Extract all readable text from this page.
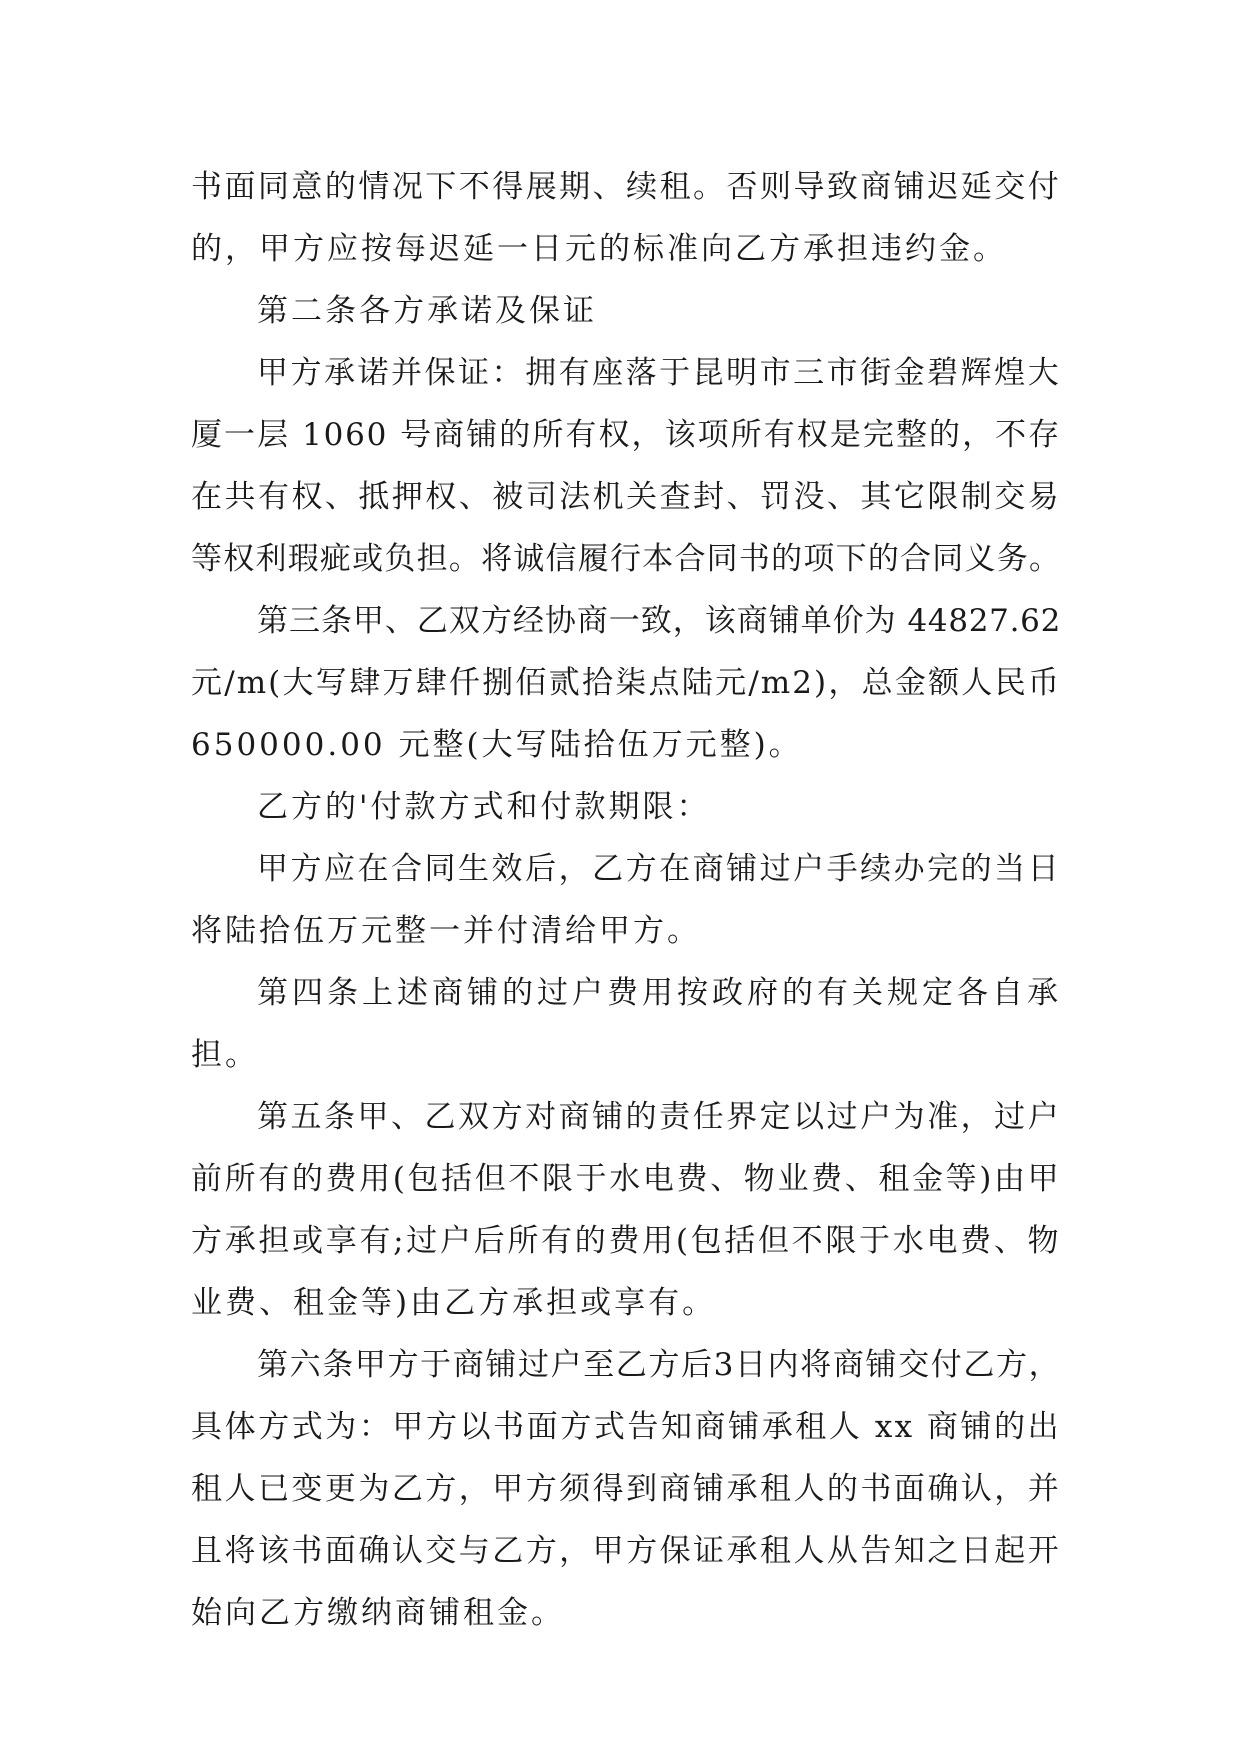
书面同意的情况下不得展期、续租。否则导致商铺迟延交付
的，甲方应按每迟延一日元的标准向乙方承担违约金。
第二条各方承诺及保证
甲方承诺并保证：拥有座落于昆明市三市街金碧辉煌大
厦一层 1060 号商铺的所有权，该项所有权是完整的，不存
在共有权、抵押权、被司法机关查封、罚没、其它限制交易
等权利瑕疵或负担。将诚信履行本合同书的项下的合同义务。
第三条甲、乙双方经协商一致，该商铺单价为 44827.62
元/m(大写肆万肆仟捌佰贰拾柒点陆元/m2)，总金额人民币
650000.00 元整(大写陆拾伍万元整)。
乙方的'付款方式和付款期限：
甲方应在合同生效后，乙方在商铺过户手续办完的当日
将陆拾伍万元整一并付清给甲方。
第四条上述商铺的过户费用按政府的有关规定各自承
担。
第五条甲、乙双方对商铺的责任界定以过户为准，过户
前所有的费用(包括但不限于水电费、物业费、租金等)由甲
方承担或享有;过户后所有的费用(包括但不限于水电费、物
业费、租金等)由乙方承担或享有。
第六条甲方于商铺过户至乙方后3日内将商铺交付乙方，
具体方式为：甲方以书面方式告知商铺承租人 xx 商铺的出
租人已变更为乙方，甲方须得到商铺承租人的书面确认，并
且将该书面确认交与乙方，甲方保证承租人从告知之日起开
始向乙方缴纳商铺租金。
